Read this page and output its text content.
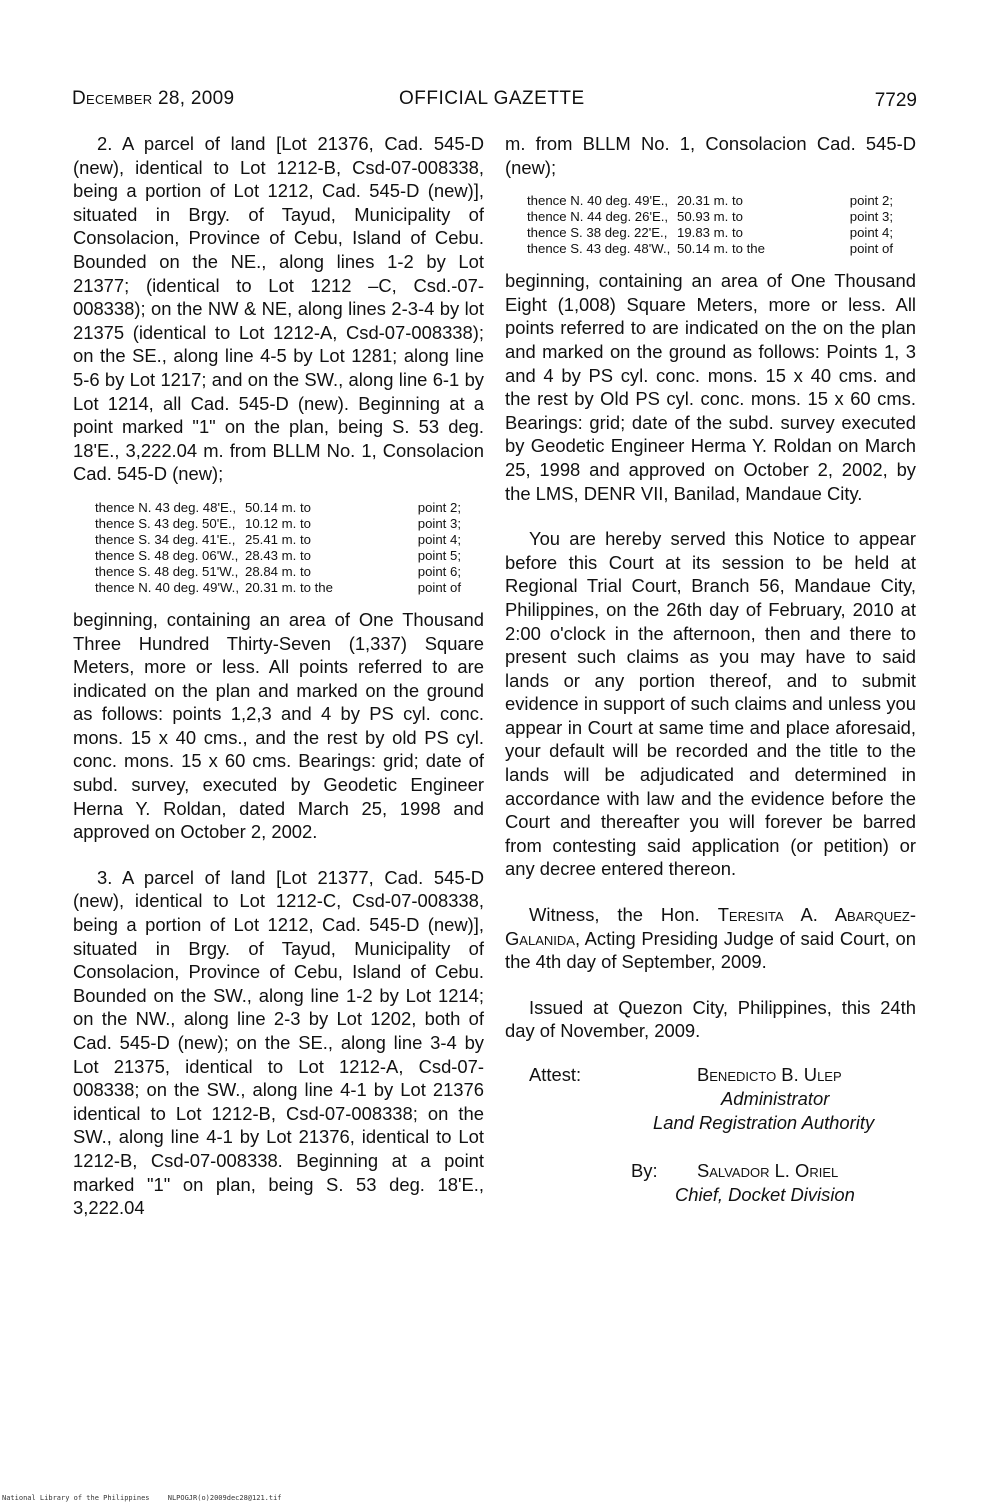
December 28, 2009	OFFICIAL GAZETTE	7729

2. A parcel of land [Lot 21376, Cad. 545-D (new), identical to Lot 1212-B, Csd-07-008338, being a portion of Lot 1212, Cad. 545-D (new)], situated in Brgy. of Tayud, Municipality of Consolacion, Province of Cebu, Island of Cebu. Bounded on the NE., along lines 1-2 by Lot 21377; (identical to Lot 1212 –C, Csd.-07-008338); on the NW & NE, along lines 2-3-4 by lot 21375 (identical to Lot 1212-A, Csd-07-008338); on the SE., along line 4-5 by Lot 1281; along line 5-6 by Lot 1217; and on the SW., along line 6-1 by Lot 1214, all Cad. 545-D (new). Beginning at a point marked "1" on the plan, being S. 53 deg. 18'E., 3,222.04 m. from BLLM No. 1, Consolacion Cad. 545-D (new);

thence N. 43 deg. 48'E.,	50.14 m. to	point 2;
thence S. 43 deg. 50'E.,	10.12 m. to	point 3;
thence S. 34 deg. 41'E.,	25.41 m. to	point 4;
thence S. 48 deg. 06'W.,	28.43 m. to	point 5;
thence S. 48 deg. 51'W.,	28.84 m. to	point 6;
thence N. 40 deg. 49'W.,	20.31 m. to the	point of

beginning, containing an area of One Thousand Three Hundred Thirty-Seven (1,337) Square Meters, more or less. All points referred to are indicated on the plan and marked on the ground as follows: points 1,2,3 and 4 by PS cyl. conc. mons. 15 x 40 cms., and the rest by old PS cyl. conc. mons. 15 x 60 cms. Bearings: grid; date of subd. survey, executed by Geodetic Engineer Herna Y. Roldan, dated March 25, 1998 and approved on October 2, 2002.

3. A parcel of land [Lot 21377, Cad. 545-D (new), identical to Lot 1212-C, Csd-07-008338, being a portion of Lot 1212, Cad. 545-D (new)], situated in Brgy. of Tayud, Municipality of Consolacion, Province of Cebu, Island of Cebu. Bounded on the SW., along line 1-2 by Lot 1214; on the NW., along line 2-3 by Lot 1202, both of Cad. 545-D (new); on the SE., along line 3-4 by Lot 21375, identical to Lot 1212-A, Csd-07-008338; on the SW., along line 4-1 by Lot 21376 identical to Lot 1212-B, Csd-07-008338; on the SW., along line 4-1 by Lot 21376, identical to Lot 1212-B, Csd-07-008338. Beginning at a point marked "1" on plan, being S. 53 deg. 18'E., 3,222.04

m. from BLLM No. 1, Consolacion Cad. 545-D (new);

thence N. 40 deg. 49'E.,	20.31 m. to	point 2;
thence N. 44 deg. 26'E.,	50.93 m. to	point 3;
thence S. 38 deg. 22'E.,	19.83 m. to	point 4;
thence S. 43 deg. 48'W.,	50.14 m. to the	point of

beginning, containing an area of One Thousand Eight (1,008) Square Meters, more or less. All points referred to are indicated on the on the plan and marked on the ground as follows: Points 1, 3 and 4 by PS cyl. conc. mons. 15 x 40 cms. and the rest by Old PS cyl. conc. mons. 15 x 60 cms. Bearings: grid; date of the subd. survey executed by Geodetic Engineer Herma Y. Roldan on March 25, 1998 and approved on October 2, 2002, by the LMS, DENR VII, Banilad, Mandaue City.

You are hereby served this Notice to appear before this Court at its session to be held at Regional Trial Court, Branch 56, Mandaue City, Philippines, on the 26th day of February, 2010 at 2:00 o'clock in the afternoon, then and there to present such claims as you may have to said lands or any portion thereof, and to submit evidence in support of such claims and unless you appear in Court at same time and place aforesaid, your default will be recorded and the title to the lands will be adjudicated and determined in accordance with law and the evidence before the Court and thereafter you will forever be barred from contesting said application (or petition) or any decree entered thereon.

Witness, the Hon. Teresita A. Abarquez-Galanida, Acting Presiding Judge of said Court, on the 4th day of September, 2009.

Issued at Quezon City, Philippines, this 24th day of November, 2009.

Attest:	Benedicto B. Ulep
Administrator
Land Registration Authority
By: Salvador L. Oriel
Chief, Docket Division
National Library of the Philippines	NLPOGJR(o)2009dec28@121.tif
